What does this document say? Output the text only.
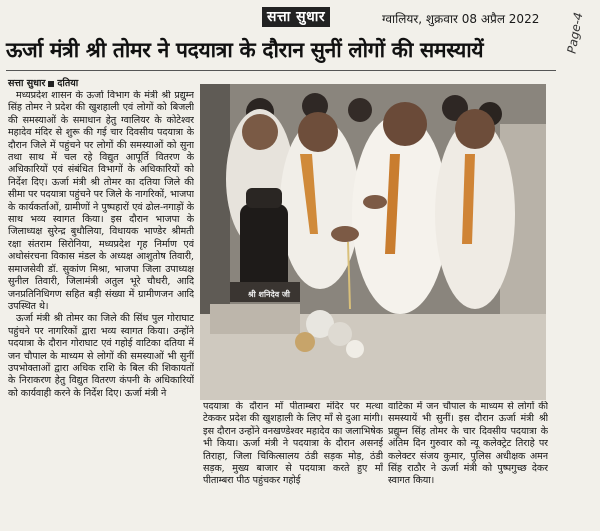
सत्ता सुधार	ग्वालियर, शुक्रवार 08 अप्रैल 2022	Page-4
ऊर्जा मंत्री श्री तोमर ने पदयात्रा के दौरान सुनीं लोगों की समस्यायें
सत्ता सुधार दतिया

मध्यप्रदेश शासन के ऊर्जा विभाग के मंत्री श्री प्रद्युम्न सिंह तोमर ने प्रदेश की खुशहाली एवं लोगों को बिजली की समस्याओं के समाधान हेतु ग्वालियर के कोटेश्वर महादेव मंदिर से शुरू की गई चार दिवसीय पदयात्रा के दौरान जिले में पहुंचने पर लोगों की समस्याओं को सुना तथा साथ में चल रहे विद्युत आपूर्ति वितरण के अधिकारियों एवं संबंधित विभागों के अधिकारियों को निर्देश दिए। ऊर्जा मंत्री श्री तोमर का दतिया जिले की सीमा पर पदयात्रा पहुंचने पर जिले के नागरिकों, भाजपा के कार्यकर्ताओं, ग्रामीणों ने पुष्पहारों एवं ढोल-नगाड़ों के साथ भव्य स्वागत किया। इस दौरान भाजपा के जिलाध्यक्ष सुरेन्द्र बुधौलिया, विधायक भाण्डेर श्रीमती रक्षा संतराम सिरोनिया, मध्यप्रदेश गृह निर्माण एवं अधोसंरचना विकास मंडल के अध्यक्ष आशुतोष तिवारी, समाजसेवी डॉ. सुकांण मिश्रा, भाजपा जिला उपाध्यक्ष सुनील तिवारी, जिलामंत्री अतुल भूरे चौधरी, आदि जनप्रतिनिधिगण सहित बड़ी संख्या में ग्रामीणजन आदि उपस्थित थे।

ऊर्जा मंत्री श्री तोमर का जिले की सिंध पुल गोराघाट पहुंचने पर नागरिकों द्वारा भव्य स्वागत किया। उन्होंने पदयात्रा के दौरान गोराघाट एवं गहोई वाटिका दतिया में जन चौपाल के माध्यम से लोगों की समस्याओं भी सुनीं उपभोक्ताओं द्वारा अधिक राशि के बिल की शिकायतों के निराकरण हेतु विद्युत वितरण कंपनी के अधिकारियों को कार्यवाही करने के निर्देश दिए। ऊर्जा मंत्री ने

श्री शनिदेव जी

पदयात्रा के दौरान माँ पीताम्बरा मंदिर पर मत्था टेककर प्रदेश की खुशहाली के लिए माँ से दुआ मांगी। इस दौरान उन्होंने वनखण्डेश्वर महादेव का जलाभिषेक भी किया। ऊर्जा मंत्री ने पदयात्रा के दौरान असनई तिराहा, जिला चिकित्सालय ठंडी सड़क मोड़, ठंडी सड़क, मुख्य बाजार से पदयात्रा करते हुए माँ पीताम्बरा पीठ पहुंचकर गहोई

वाटिका में जन चौपाल के माध्यम से लोगों की समस्यायें भी सुनीं। इस दौरान ऊर्जा मंत्री श्री प्रद्युम्न सिंह तोमर के चार दिवसीय पदयात्रा के अंतिम दिन गुरुवार को न्यू कलेक्ट्रेट तिराहे पर कलेक्टर संजय कुमार, पुलिस अधीक्षक अमन सिंह राठौर ने ऊर्जा मंत्री को पुष्पगुच्छ देकर स्वागत किया।
